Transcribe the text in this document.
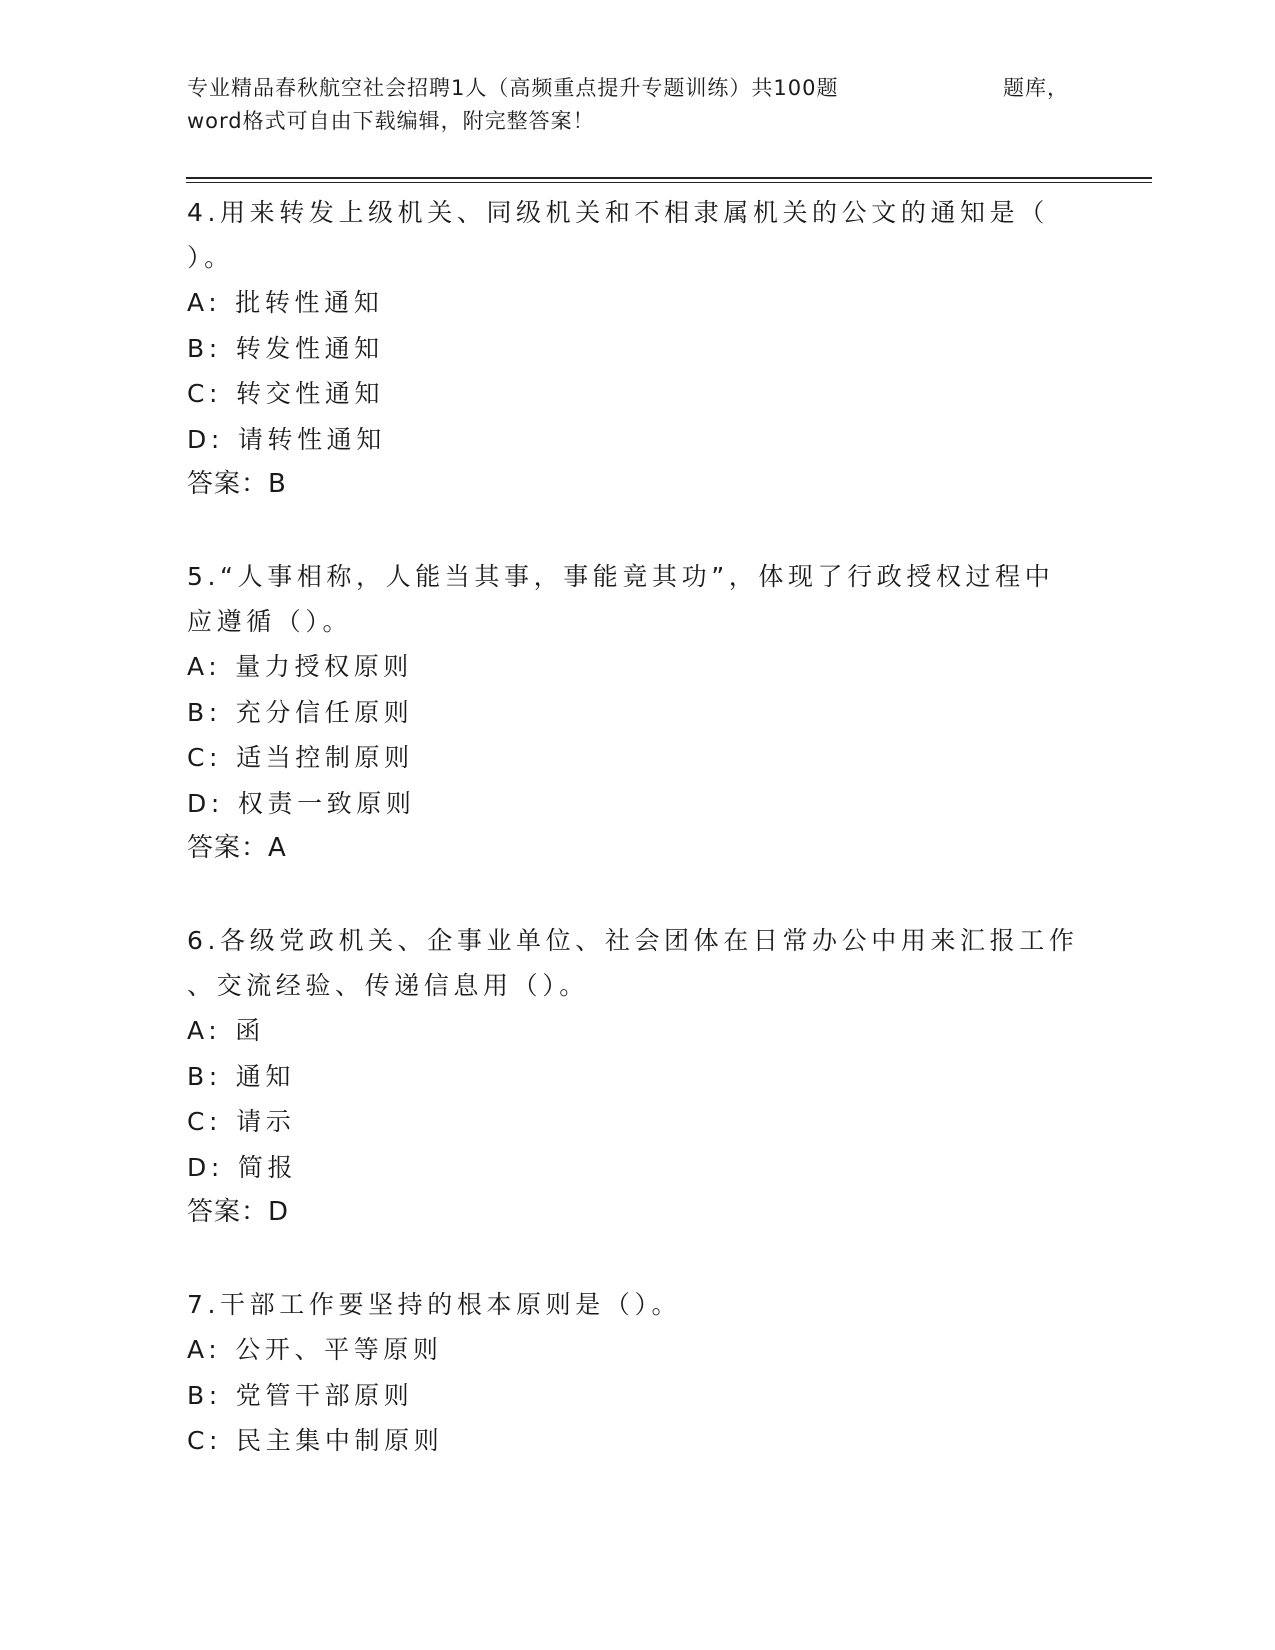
专业精品春秋航空社会招聘1人（高频重点提升专题训练）共100题
word格式可自由下载编辑，附完整答案！
题库，
4.用来转发上级机关、同级机关和不相隶属机关的公文的通知是（
）。
A: 批转性通知
B: 转发性通知
C: 转交性通知
D: 请转性通知
答案：B
5.“人事相称，人能当其事，事能竟其功”，体现了行政授权过程中
应遵循（）。
A: 量力授权原则
B: 充分信任原则
C: 适当控制原则
D: 权责一致原则
答案：A
6.各级党政机关、企事业单位、社会团体在日常办公中用来汇报工作
、交流经验、传递信息用（）。
A: 函
B: 通知
C: 请示
D: 简报
答案：D
7.干部工作要坚持的根本原则是（）。
A: 公开、平等原则
B: 党管干部原则
C: 民主集中制原则
